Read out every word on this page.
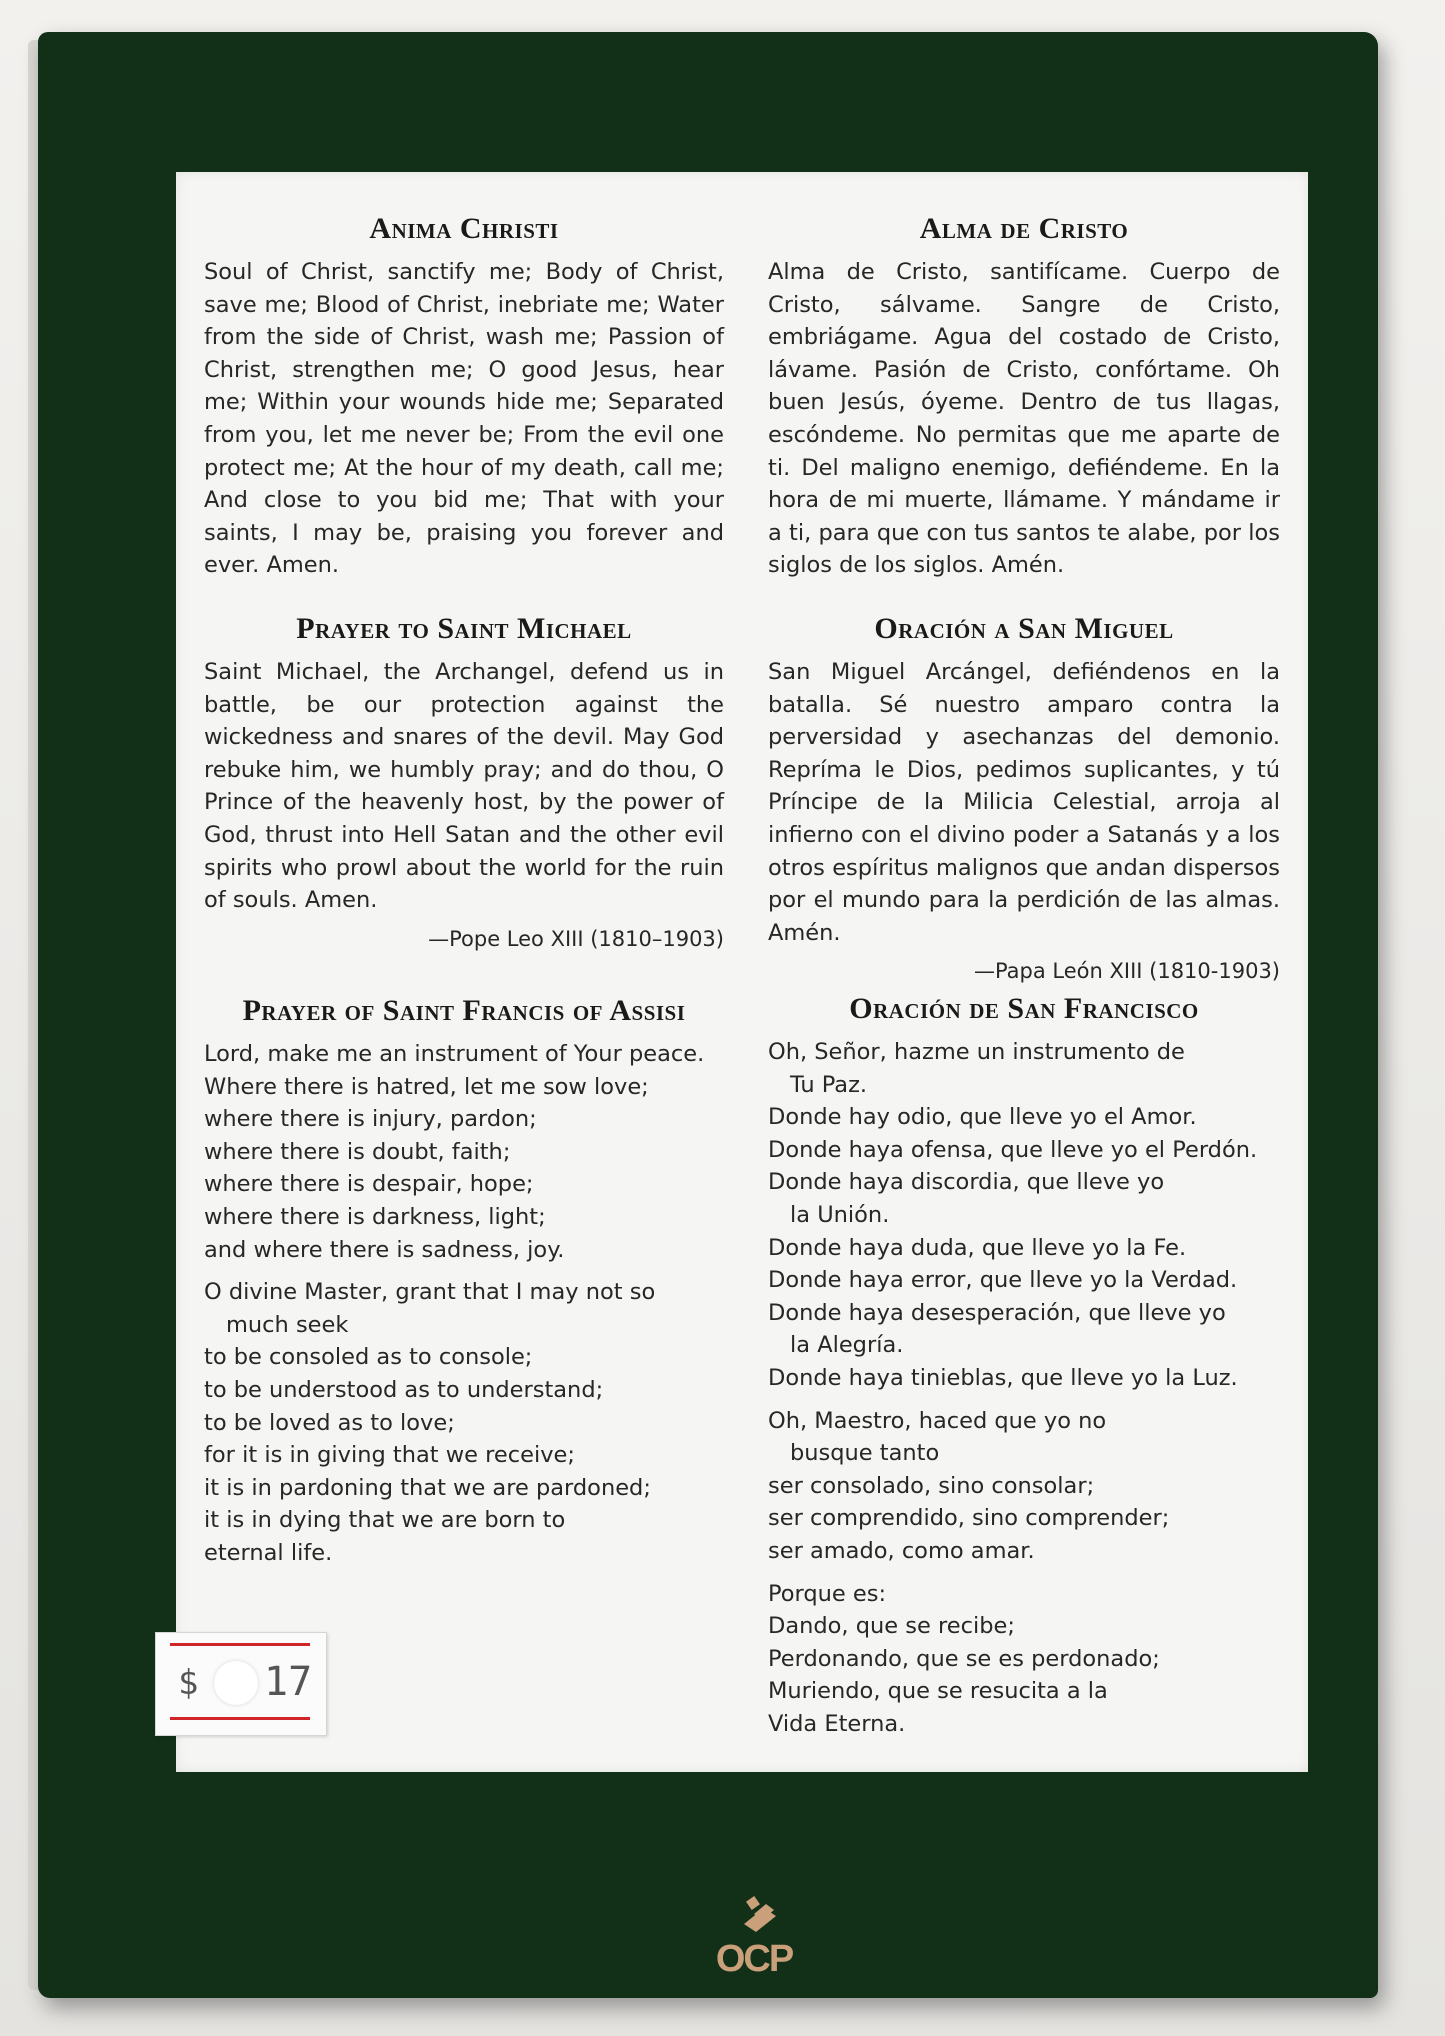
Anima Christi

Soul of Christ, sanctify me; Body of Christ, save me; Blood of Christ, inebriate me; Water from the side of Christ, wash me; Passion of Christ, strengthen me; O good Jesus, hear me; Within your wounds hide me; Separated from you, let me never be; From the evil one protect me; At the hour of my death, call me; And close to you bid me; That with your saints, I may be, praising you forever and ever. Amen.

Prayer to Saint Michael

Saint Michael, the Archangel, defend us in battle, be our protection against the wickedness and snares of the devil. May God rebuke him, we humbly pray; and do thou, O Prince of the heavenly host, by the power of God, thrust into Hell Satan and the other evil spirits who prowl about the world for the ruin of souls. Amen.

—Pope Leo XIII (1810–1903)
Prayer of Saint Francis of Assisi
Lord, make me an instrument of Your peace.
Where there is hatred, let me sow love;
where there is injury, pardon;
where there is doubt, faith;
where there is despair, hope;
where there is darkness, light;
and where there is sadness, joy.
O divine Master, grant that I may not so
much seek
to be consoled as to console;
to be understood as to understand;
to be loved as to love;
for it is in giving that we receive;
it is in pardoning that we are pardoned;
it is in dying that we are born to
eternal life.
Alma de Cristo

Alma de Cristo, santifícame. Cuerpo de Cristo, sálvame. Sangre de Cristo, embriágame. Agua del costado de Cristo, lávame. Pasión de Cristo, confórtame. Oh buen Jesús, óyeme. Dentro de tus llagas, escóndeme. No permitas que me aparte de ti. Del maligno enemigo, defiéndeme. En la hora de mi muerte, llámame. Y mándame ir a ti, para que con tus santos te alabe, por los siglos de los siglos. Amén.

Oración a San Miguel

San Miguel Arcángel, defiéndenos en la batalla. Sé nuestro amparo contra la perversidad y asechanzas del demonio. Repríma le Dios, pedimos suplicantes, y tú Príncipe de la Milicia Celestial, arroja al infierno con el divino poder a Satanás y a los otros espíritus malignos que andan dispersos por el mundo para la perdición de las almas. Amén.

—Papa León XIII (1810-1903)
Oración de San Francisco
Oh, Señor, hazme un instrumento de
Tu Paz.
Donde hay odio, que lleve yo el Amor.
Donde haya ofensa, que lleve yo el Perdón.
Donde haya discordia, que lleve yo
la Unión.
Donde haya duda, que lleve yo la Fe.
Donde haya error, que lleve yo la Verdad.
Donde haya desesperación, que lleve yo
la Alegría.
Donde haya tinieblas, que lleve yo la Luz.
Oh, Maestro, haced que yo no
busque tanto
ser consolado, sino consolar;
ser comprendido, sino comprender;
ser amado, como amar.
Porque es:
Dando, que se recibe;
Perdonando, que se es perdonado;
Muriendo, que se resucita a la
Vida Eterna.
OCP
$ 17
